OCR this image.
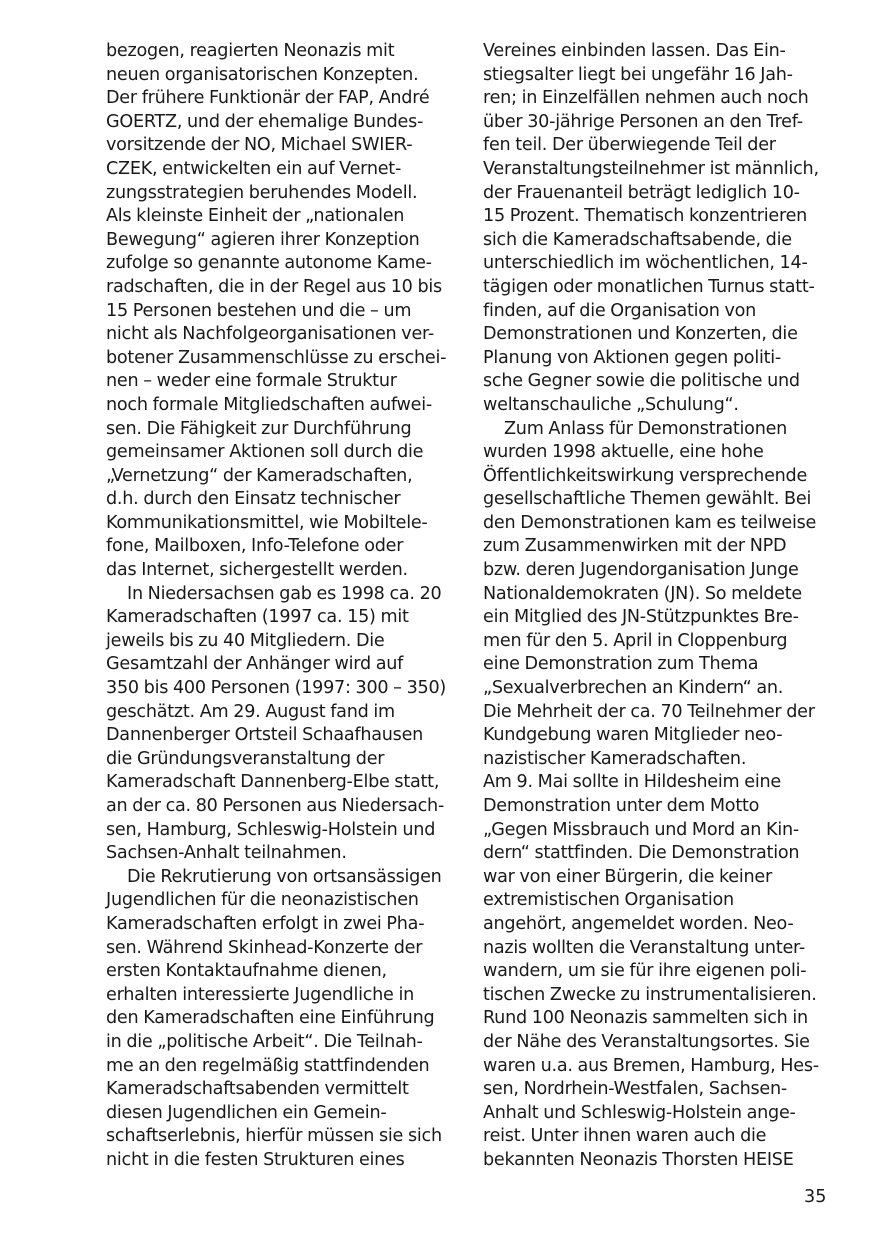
bezogen, reagierten Neonazis mit
neuen organisatorischen Konzepten.
Der frühere Funktionär der FAP, André
GOERTZ, und der ehemalige Bundes-
vorsitzende der NO, Michael SWIER-
CZEK, entwickelten ein auf Vernet-
zungsstrategien beruhendes Modell.
Als kleinste Einheit der „nationalen
Bewegung“ agieren ihrer Konzeption
zufolge so genannte autonome Kame-
radschaften, die in der Regel aus 10 bis
15 Personen bestehen und die – um
nicht als Nachfolgeorganisationen ver-
botener Zusammenschlüsse zu erschei-
nen – weder eine formale Struktur
noch formale Mitgliedschaften aufwei-
sen. Die Fähigkeit zur Durchführung
gemeinsamer Aktionen soll durch die
„Vernetzung“ der Kameradschaften,
d.h. durch den Einsatz technischer
Kommunikationsmittel, wie Mobiltele-
fone, Mailboxen, Info-Telefone oder
das Internet, sichergestellt werden.
In Niedersachsen gab es 1998 ca. 20
Kameradschaften (1997 ca. 15) mit
jeweils bis zu 40 Mitgliedern. Die
Gesamtzahl der Anhänger wird auf
350 bis 400 Personen (1997: 300 – 350)
geschätzt. Am 29. August fand im
Dannenberger Ortsteil Schaafhausen
die Gründungsveranstaltung der
Kameradschaft Dannenberg-Elbe statt,
an der ca. 80 Personen aus Niedersach-
sen, Hamburg, Schleswig-Holstein und
Sachsen-Anhalt teilnahmen.
Die Rekrutierung von ortsansässigen
Jugendlichen für die neonazistischen
Kameradschaften erfolgt in zwei Pha-
sen. Während Skinhead-Konzerte der
ersten Kontaktaufnahme dienen,
erhalten interessierte Jugendliche in
den Kameradschaften eine Einführung
in die „politische Arbeit“. Die Teilnah-
me an den regelmäßig stattfindenden
Kameradschaftsabenden vermittelt
diesen Jugendlichen ein Gemein-
schaftserlebnis, hierfür müssen sie sich
nicht in die festen Strukturen eines
Vereines einbinden lassen. Das Ein-
stiegsalter liegt bei ungefähr 16 Jah-
ren; in Einzelfällen nehmen auch noch
über 30-jährige Personen an den Tref-
fen teil. Der überwiegende Teil der
Veranstaltungsteilnehmer ist männlich,
der Frauenanteil beträgt lediglich 10-
15 Prozent. Thematisch konzentrieren
sich die Kameradschaftsabende, die
unterschiedlich im wöchentlichen, 14-
tägigen oder monatlichen Turnus statt-
finden, auf die Organisation von
Demonstrationen und Konzerten, die
Planung von Aktionen gegen politi-
sche Gegner sowie die politische und
weltanschauliche „Schulung“.
Zum Anlass für Demonstrationen
wurden 1998 aktuelle, eine hohe
Öffentlichkeitswirkung versprechende
gesellschaftliche Themen gewählt. Bei
den Demonstrationen kam es teilweise
zum Zusammenwirken mit der NPD
bzw. deren Jugendorganisation Junge
Nationaldemokraten (JN). So meldete
ein Mitglied des JN-Stützpunktes Bre-
men für den 5. April in Cloppenburg
eine Demonstration zum Thema
„Sexualverbrechen an Kindern“ an.
Die Mehrheit der ca. 70 Teilnehmer der
Kundgebung waren Mitglieder neo-
nazistischer Kameradschaften.
Am 9. Mai sollte in Hildesheim eine
Demonstration unter dem Motto
„Gegen Missbrauch und Mord an Kin-
dern“ stattfinden. Die Demonstration
war von einer Bürgerin, die keiner
extremistischen Organisation
angehört, angemeldet worden. Neo-
nazis wollten die Veranstaltung unter-
wandern, um sie für ihre eigenen poli-
tischen Zwecke zu instrumentalisieren.
Rund 100 Neonazis sammelten sich in
der Nähe des Veranstaltungsortes. Sie
waren u.a. aus Bremen, Hamburg, Hes-
sen, Nordrhein-Westfalen, Sachsen-
Anhalt und Schleswig-Holstein ange-
reist. Unter ihnen waren auch die
bekannten Neonazis Thorsten HEISE
35
